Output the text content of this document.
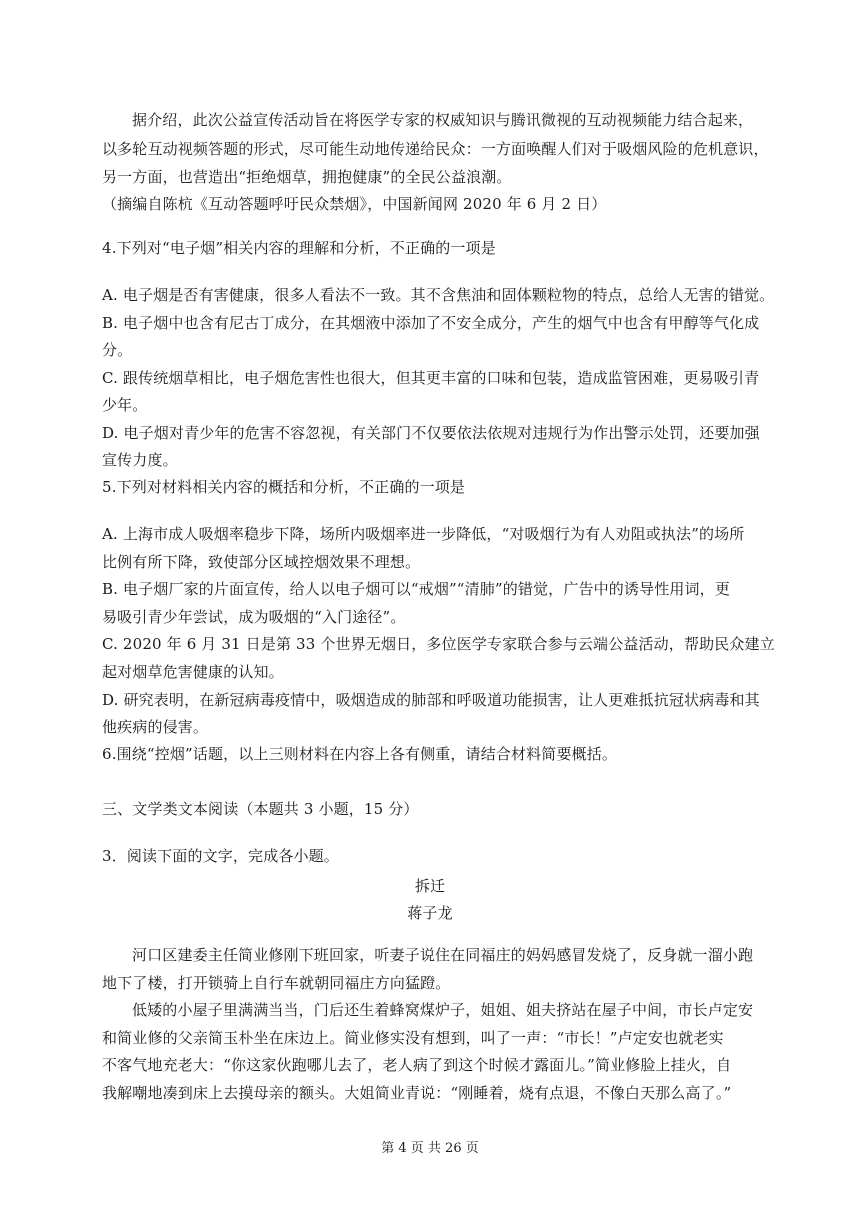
据介绍，此次公益宣传活动旨在将医学专家的权威知识与腾讯微视的互动视频能力结合起来，
以多轮互动视频答题的形式，尽可能生动地传递给民众：一方面唤醒人们对于吸烟风险的危机意识，
另一方面，也营造出“拒绝烟草，拥抱健康”的全民公益浪潮。
（摘编自陈杭《互动答题呼吁民众禁烟》，中国新闻网 2020 年 6 月 2 日）
4.下列对“电子烟”相关内容的理解和分析，不正确的一项是
A. 电子烟是否有害健康，很多人看法不一致。其不含焦油和固体颗粒物的特点，总给人无害的错觉。
B. 电子烟中也含有尼古丁成分，在其烟液中添加了不安全成分，产生的烟气中也含有甲醇等气化成
分。
C. 跟传统烟草相比，电子烟危害性也很大，但其更丰富的口味和包装，造成监管困难，更易吸引青
少年。
D. 电子烟对青少年的危害不容忽视，有关部门不仅要依法依规对违规行为作出警示处罚，还要加强
宣传力度。
5.下列对材料相关内容的概括和分析，不正确的一项是
A. 上海市成人吸烟率稳步下降，场所内吸烟率进一步降低，“对吸烟行为有人劝阻或执法”的场所
比例有所下降，致使部分区域控烟效果不理想。
B. 电子烟厂家的片面宣传，给人以电子烟可以“戒烟”“清肺”的错觉，广告中的诱导性用词，更
易吸引青少年尝试，成为吸烟的“入门途径”。
C. 2020 年 6 月 31 日是第 33 个世界无烟日，多位医学专家联合参与云端公益活动，帮助民众建立
起对烟草危害健康的认知。
D. 研究表明，在新冠病毒疫情中，吸烟造成的肺部和呼吸道功能损害，让人更难抵抗冠状病毒和其
他疾病的侵害。
6.围绕“控烟”话题，以上三则材料在内容上各有侧重，请结合材料简要概括。
三、文学类文本阅读（本题共 3 小题，15 分）
3．阅读下面的文字，完成各小题。
拆迁
蒋子龙
河口区建委主任简业修刚下班回家，听妻子说住在同福庄的妈妈感冒发烧了，反身就一溜小跑
地下了楼，打开锁骑上自行车就朝同福庄方向猛蹬。
低矮的小屋子里满满当当，门后还生着蜂窝煤炉子，姐姐、姐夫挤站在屋子中间，市长卢定安
和简业修的父亲简玉朴坐在床边上。简业修实没有想到，叫了一声：“市长！”卢定安也就老实
不客气地充老大：“你这家伙跑哪儿去了，老人病了到这个时候才露面儿。”简业修脸上挂火，自
我解嘲地凑到床上去摸母亲的额头。大姐简业青说：“刚睡着，烧有点退，不像白天那么高了。”
第 4 页 共 26 页
